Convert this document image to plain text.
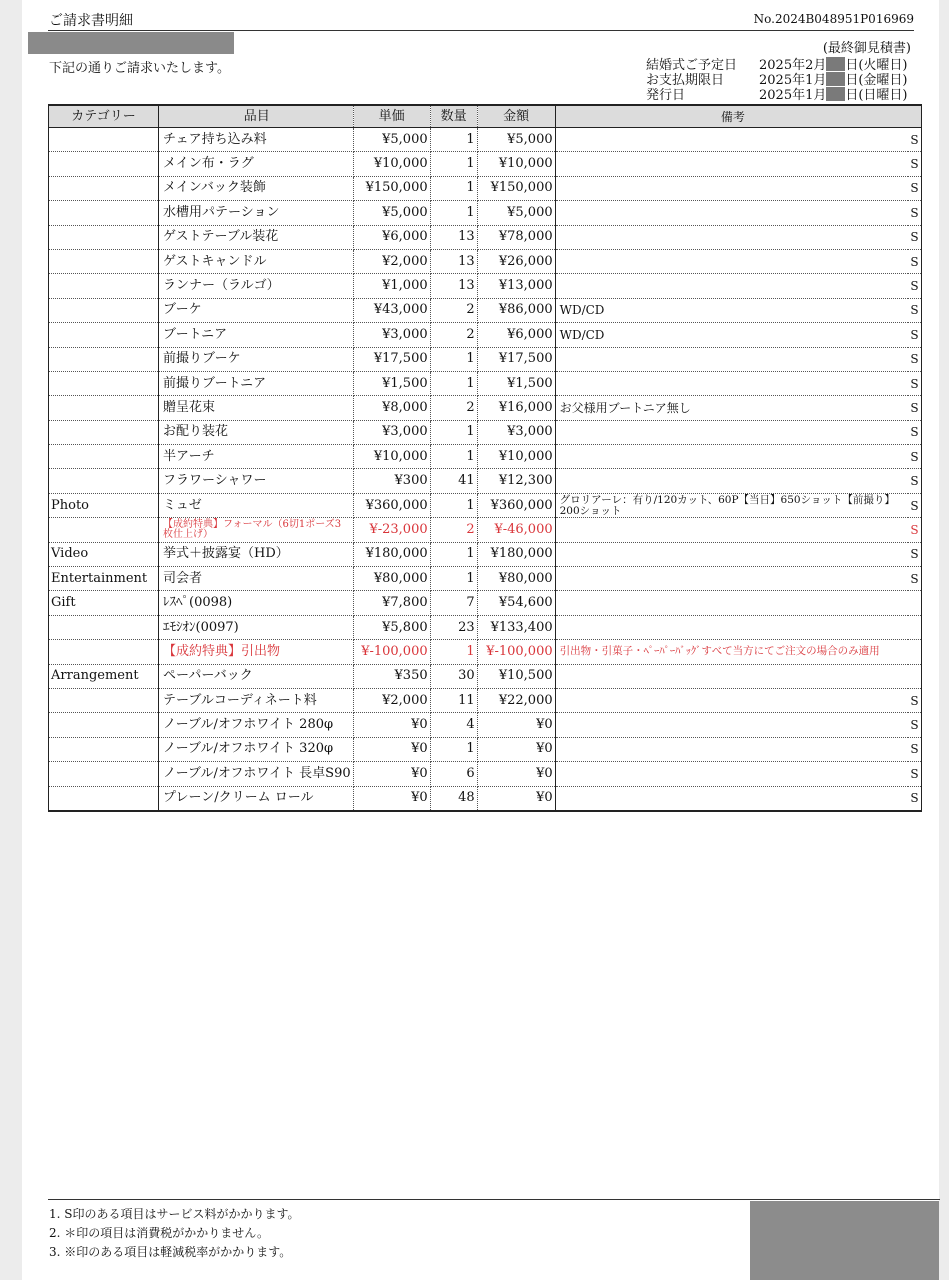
ご請求書明細	No.2024B048951P016969
(最終御見積書)
下記の通りご請求いたします。	結婚式ご予定日 2025年2月 日(火曜日)
お支払期限日	2025年1月 日(金曜日)
発行日	2025年1月 日(日曜日)
カテゴリー	品目	単価	数量	金額	備考	
	チェア持ち込み料	¥5,000	1	¥5,000		S
	メイン布・ラグ	¥10,000	1	¥10,000		S
	メインバック装飾	¥150,000	1	¥150,000		S
	水槽用パテーション	¥5,000	1	¥5,000		S
	ゲストテーブル装花	¥6,000	13	¥78,000		S
	ゲストキャンドル	¥2,000	13	¥26,000		S
	ランナー（ラルゴ）	¥1,000	13	¥13,000		S
	ブーケ	¥43,000	2	¥86,000	WD/CD	S
	ブートニア	¥3,000	2	¥6,000	WD/CD	S
	前撮りブーケ	¥17,500	1	¥17,500		S
	前撮りブートニア	¥1,500	1	¥1,500		S
	贈呈花束	¥8,000	2	¥16,000	お父様用ブートニア無し	S
	お配り装花	¥3,000	1	¥3,000		S
	半アーチ	¥10,000	1	¥10,000		S
	フラワーシャワー	¥300	41	¥12,300		S
Photo	ミュゼ	¥360,000	1	¥360,000	グロリアーレ：有り/120カット、60P【当日】650ショット【前撮り】200ショット	S
	【成約特典】フォーマル（6切1ポーズ3枚仕上げ）	¥-23,000	2	¥-46,000		S
Video	挙式＋披露宴（HD）	¥180,000	1	¥180,000		S
Entertainment	司会者	¥80,000	1	¥80,000		S
Gift	ﾚｽﾍﾟ(0098)	¥7,800	7	¥54,600		
	ｴﾓｼｵﾝ(0097)	¥5,800	23	¥133,400		
	【成約特典】引出物	¥-100,000	1	¥-100,000	引出物・引菓子・ﾍﾟｰﾊﾟｰﾊﾞｯｸﾞすべて当方にてご注文の場合のみ適用	
Arrangement	ペーパーバック	¥350	30	¥10,500		
	テーブルコーディネート料	¥2,000	11	¥22,000		S
	ノーブル/オフホワイト 280φ	¥0	4	¥0		S
	ノーブル/オフホワイト 320φ	¥0	1	¥0		S
	ノーブル/オフホワイト 長卓S90	¥0	6	¥0		S
	プレーン/クリーム ロール	¥0	48	¥0		S
1. S印のある項目はサービス料がかかります。
2. ＊印の項目は消費税がかかりません。
3. ※印のある項目は軽減税率がかかります。
